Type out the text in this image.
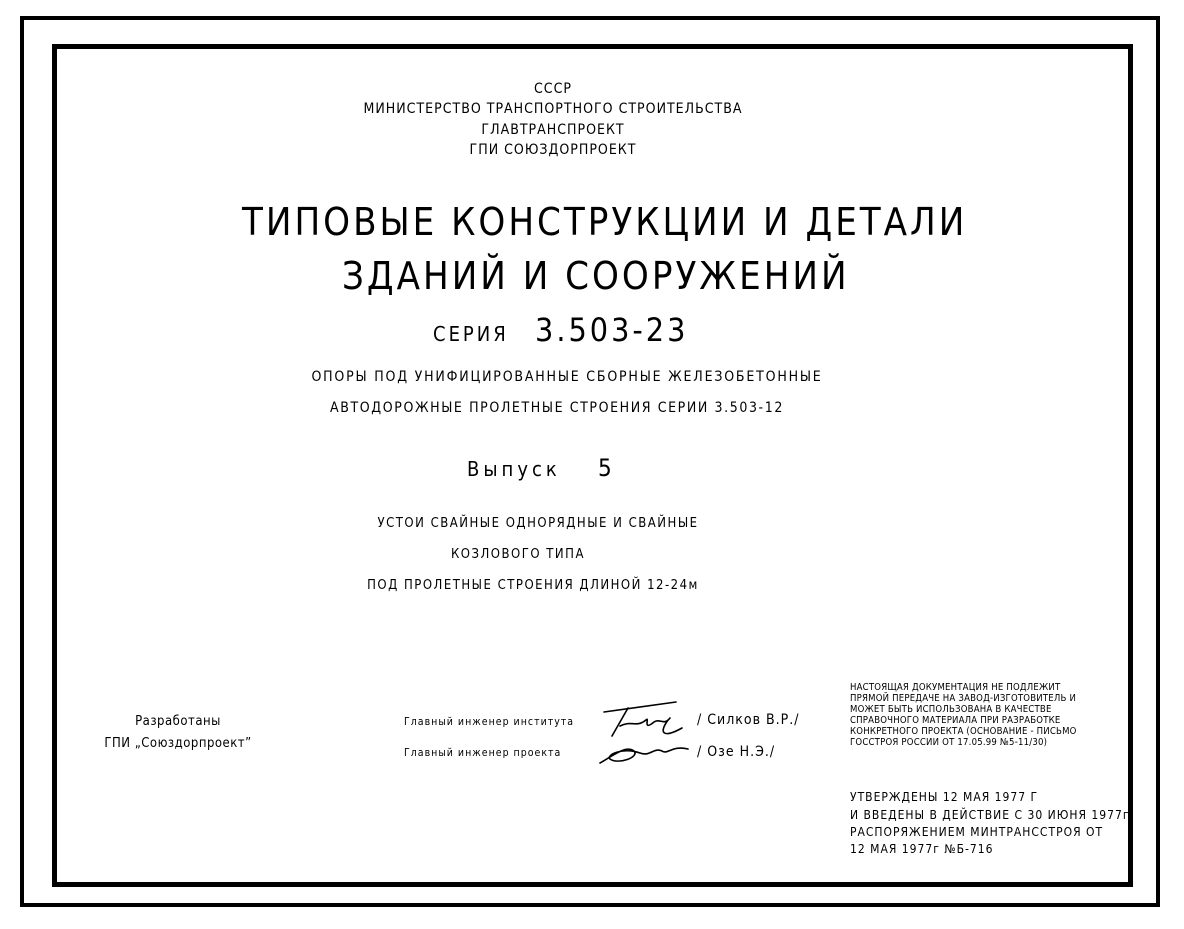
СССР
МИНИСТЕРСТВО ТРАНСПОРТНОГО СТРОИТЕЛЬСТВА
ГЛАВТРАНСПРОЕКТ
ГПИ СОЮЗДОРПРОЕКТ
ТИПОВЫЕ КОНСТРУКЦИИ И ДЕТАЛИ
ЗДАНИЙ И СООРУЖЕНИЙ
СЕРИЯ 3.503-23
ОПОРЫ ПОД УНИФИЦИРОВАННЫЕ СБОРНЫЕ ЖЕЛЕЗОБЕТОННЫЕ
АВТОДОРОЖНЫЕ ПРОЛЕТНЫЕ СТРОЕНИЯ СЕРИИ 3.503-12
Выпуск 5
УСТОИ СВАЙНЫЕ ОДНОРЯДНЫЕ И СВАЙНЫЕ
КОЗЛОВОГО ТИПА
ПОД ПРОЛЕТНЫЕ СТРОЕНИЯ ДЛИНОЙ 12-24м
Разработаны
ГПИ „Союздорпроект”
Главный инженер института	/ Силков В.Р./
Главный инженер проекта	/ Озе Н.Э./
НАСТОЯЩАЯ ДОКУМЕНТАЦИЯ НЕ ПОДЛЕЖИТ
ПРЯМОЙ ПЕРЕДАЧЕ НА ЗАВОД-ИЗГОТОВИТЕЛЬ И
МОЖЕТ БЫТЬ ИСПОЛЬЗОВАНА В КАЧЕСТВЕ
СПРАВОЧНОГО МАТЕРИАЛА ПРИ РАЗРАБОТКЕ
КОНКРЕТНОГО ПРОЕКТА (ОСНОВАНИЕ - ПИСЬМО
ГОССТРОЯ РОССИИ ОТ 17.05.99 №5-11/30)
УТВЕРЖДЕНЫ 12 МАЯ 1977 Г
И ВВЕДЕНЫ В ДЕЙСТВИЕ С 30 ИЮНЯ 1977г
РАСПОРЯЖЕНИЕМ МИНТРАНССТРОЯ ОТ
12 МАЯ 1977г №Б-716
